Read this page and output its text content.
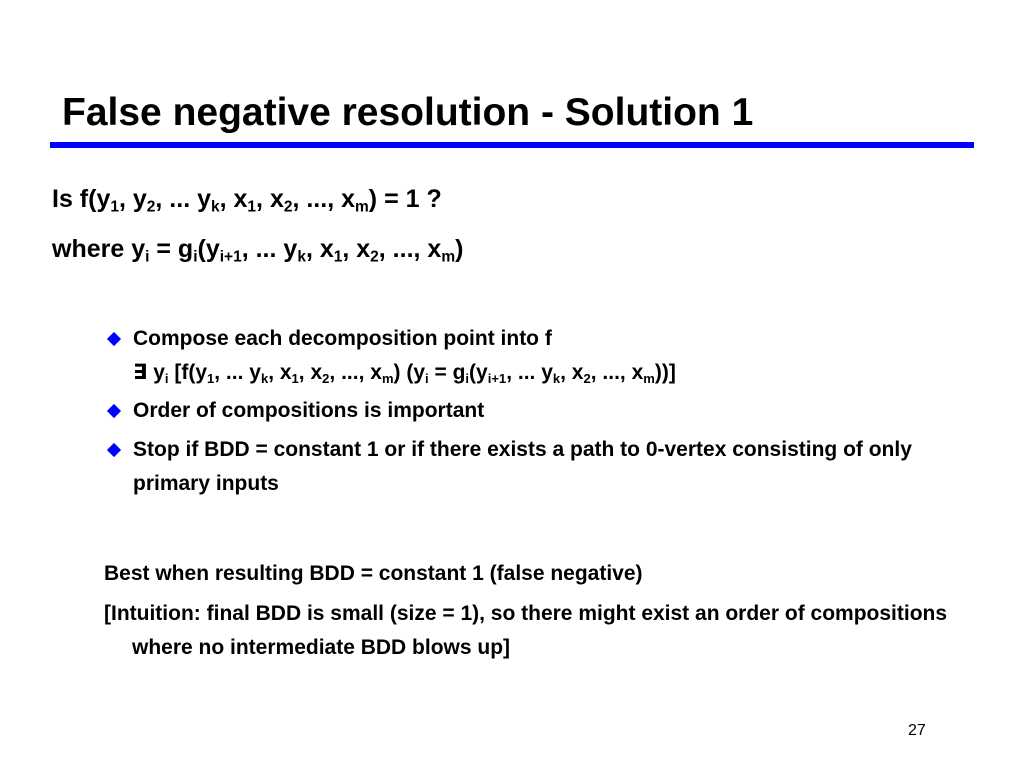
False negative resolution - Solution 1
Is $f(y_1$, $y_2$, ... $y_k$, $x_1$, $x_2$, ..., $x_m) = 1$ ?
where $y_i = g_i(y_{i+1}$, ... $y_k$, $x_1$, $x_2$, ..., $x_m$)
Compose each decomposition point into f
∃ $y_i$ [$f(y_1$, ... $y_k$, $x_1$, $x_2$, ..., $x_m$) ($y_i = g_i(y_{i+1}$, ... $y_k$, $x_2$, ..., $x_m$))]
Order of compositions is important
Stop if BDD = constant 1 or if there exists a path to 0-vertex consisting of only primary inputs
Best when resulting BDD = constant 1 (false negative)
[Intuition: final BDD is small (size = 1), so there might exist an order of compositions where no intermediate BDD blows up]
27
